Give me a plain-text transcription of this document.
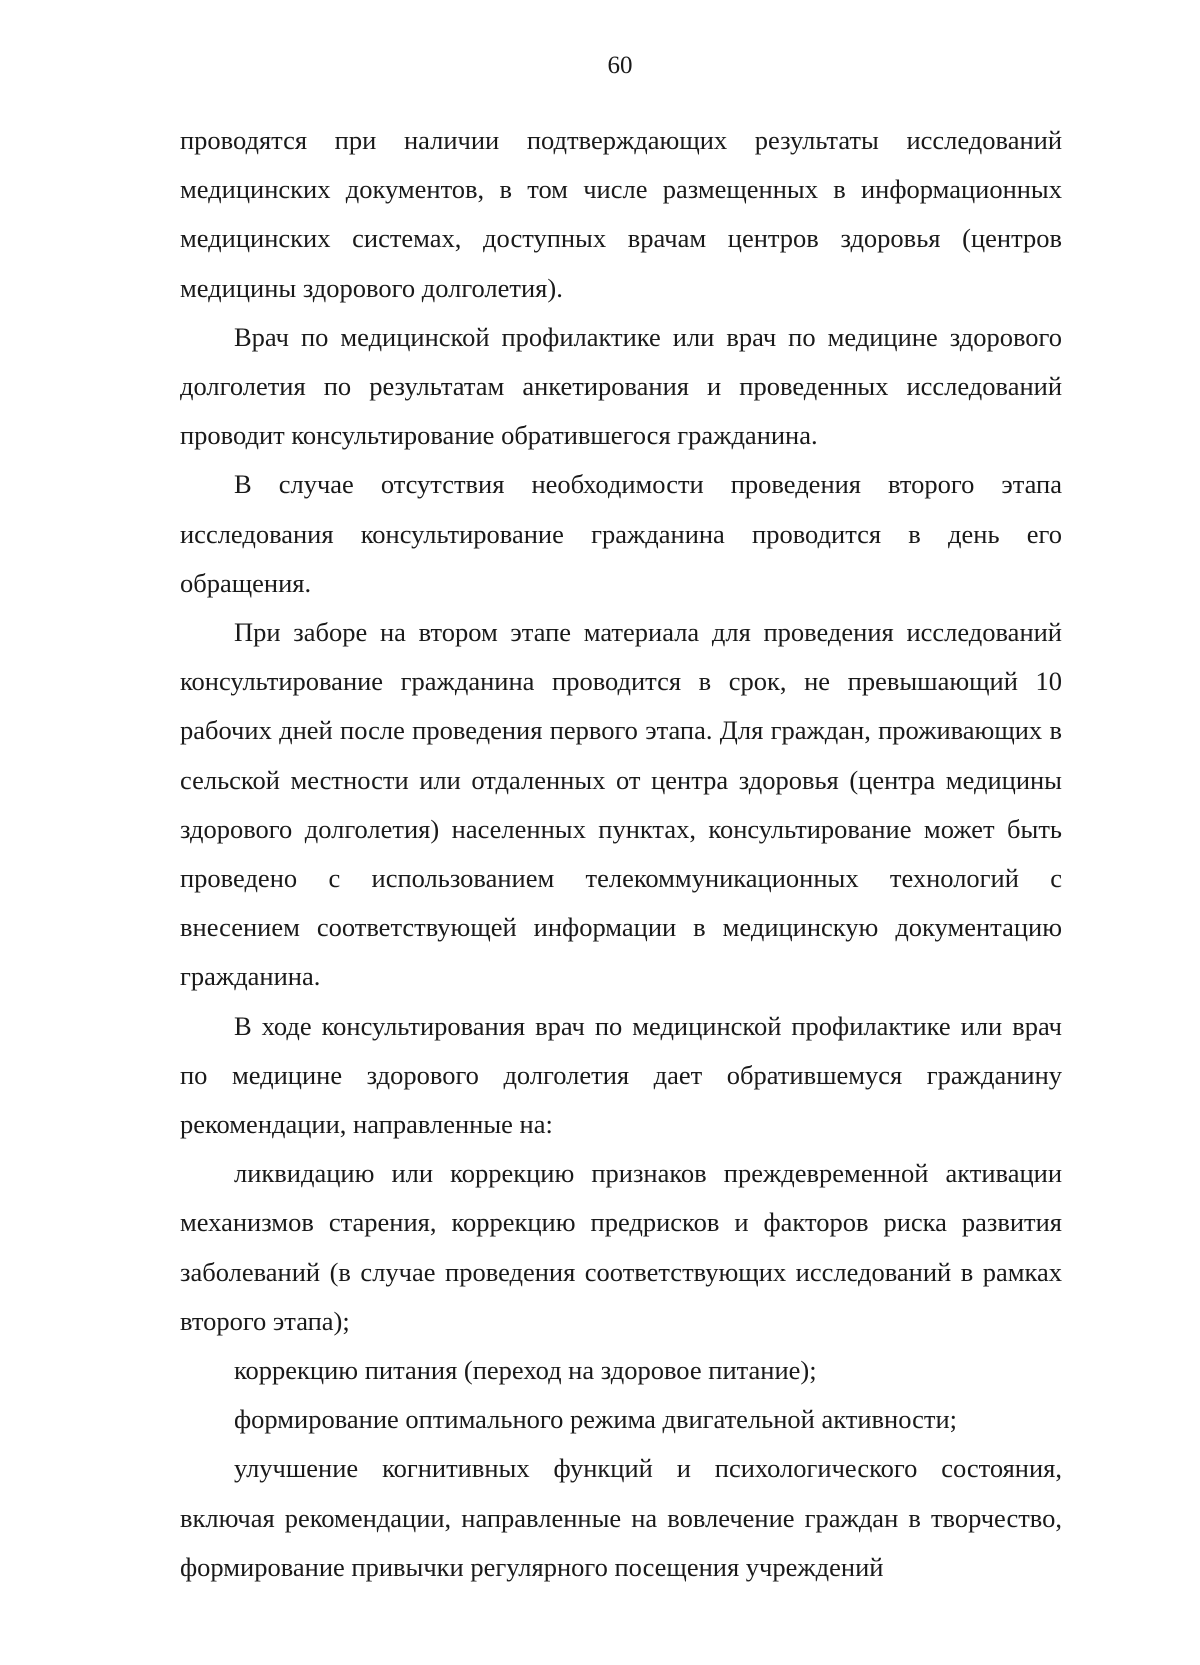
60

проводятся при наличии подтверждающих результаты исследований медицинских документов, в том числе размещенных в информационных медицинских системах, доступных врачам центров здоровья (центров медицины здорового долголетия).

Врач по медицинской профилактике или врач по медицине здорового долголетия по результатам анкетирования и проведенных исследований проводит консультирование обратившегося гражданина.

В случае отсутствия необходимости проведения второго этапа исследования консультирование гражданина проводится в день его обращения.

При заборе на втором этапе материала для проведения исследований консультирование гражданина проводится в срок, не превышающий 10 рабочих дней после проведения первого этапа. Для граждан, проживающих в сельской местности или отдаленных от центра здоровья (центра медицины здорового долголетия) населенных пунктах, консультирование может быть проведено с использованием телекоммуникационных технологий с внесением соответствующей информации в медицинскую документацию гражданина.

В ходе консультирования врач по медицинской профилактике или врач по медицине здорового долголетия дает обратившемуся гражданину рекомендации, направленные на:

ликвидацию или коррекцию признаков преждевременной активации механизмов старения, коррекцию предрисков и факторов риска развития заболеваний (в случае проведения соответствующих исследований в рамках второго этапа);

коррекцию питания (переход на здоровое питание);

формирование оптимального режима двигательной активности;

улучшение когнитивных функций и психологического состояния, включая рекомендации, направленные на вовлечение граждан в творчество, формирование привычки регулярного посещения учреждений
